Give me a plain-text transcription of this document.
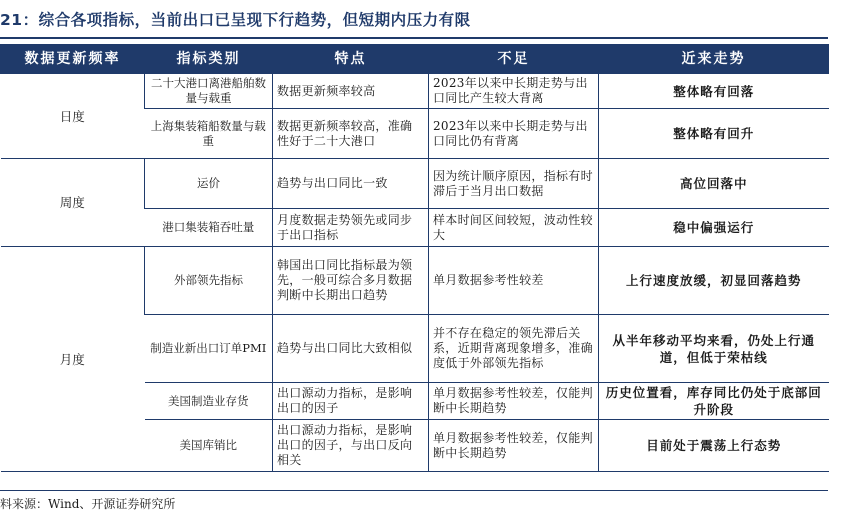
21：综合各项指标，当前出口已呈现下行趋势，但短期内压力有限
数据更新频率	指标类别	特点	不足	近来走势
日度	二十大港口离港船舶数量与载重	数据更新频率较高	2023年以来中长期走势与出口同比产生较大背离	整体略有回落
	上海集装箱船数量与载重	数据更新频率较高，准确性好于二十大港口	2023年以来中长期走势与出口同比仍有背离	整体略有回升
周度	运价	趋势与出口同比一致	因为统计顺序原因，指标有时滞后于当月出口数据	高位回落中
	港口集装箱吞吐量	月度数据走势领先或同步于出口指标	样本时间区间较短，波动性较大	稳中偏强运行
月度	外部领先指标	韩国出口同比指标最为领先，一般可综合多月数据判断中长期出口趋势	单月数据参考性较差	上行速度放缓，初显回落趋势
	制造业新出口订单PMI	趋势与出口同比大致相似	并不存在稳定的领先滞后关系，近期背离现象增多，准确度低于外部领先指标	从半年移动平均来看，仍处上行通道，但低于荣枯线
	美国制造业存货	出口源动力指标，是影响出口的因子	单月数据参考性较差，仅能判断中长期趋势	历史位置看，库存同比仍处于底部回升阶段
	美国库销比	出口源动力指标，是影响出口的因子，与出口反向相关	单月数据参考性较差，仅能判断中长期趋势	目前处于震荡上行态势
料来源：Wind、开源证券研究所
